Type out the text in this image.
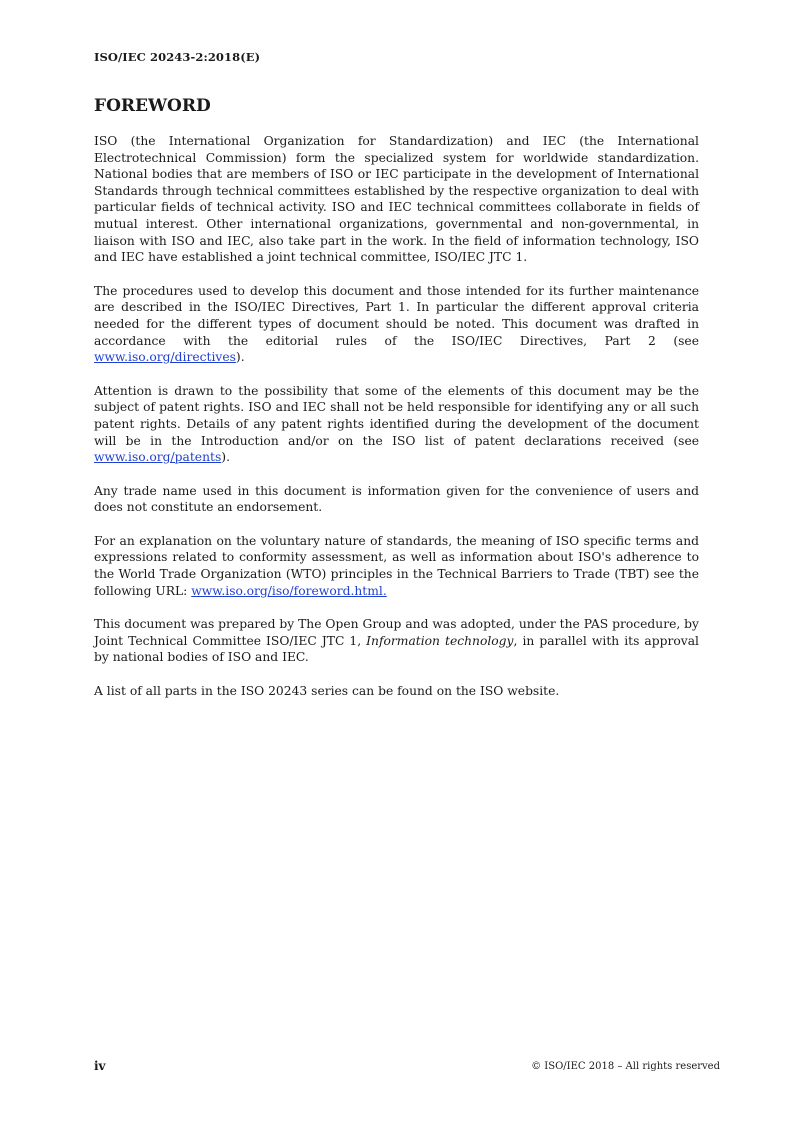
ISO/IEC 20243-2:2018(E)
FOREWORD

ISO (the International Organization for Standardization) and IEC (the International Electrotechnical Commission) form the specialized system for worldwide standardization. National bodies that are members of ISO or IEC participate in the development of International Standards through technical committees established by the respective organization to deal with particular fields of technical activity. ISO and IEC technical committees collaborate in fields of mutual interest. Other international organizations, governmental and non-governmental, in liaison with ISO and IEC, also take part in the work. In the field of information technology, ISO and IEC have established a joint technical committee, ISO/IEC JTC 1.

The procedures used to develop this document and those intended for its further maintenance are described in the ISO/IEC Directives, Part 1. In particular the different approval criteria needed for the different types of document should be noted. This document was drafted in accordance with the editorial rules of the ISO/IEC Directives, Part 2 (see www.iso.org/directives).

Attention is drawn to the possibility that some of the elements of this document may be the subject of patent rights. ISO and IEC shall not be held responsible for identifying any or all such patent rights. Details of any patent rights identified during the development of the document will be in the Introduction and/or on the ISO list of patent declarations received (see www.iso.org/patents).

Any trade name used in this document is information given for the convenience of users and does not constitute an endorsement.

For an explanation on the voluntary nature of standards, the meaning of ISO specific terms and expressions related to conformity assessment, as well as information about ISO's adherence to the World Trade Organization (WTO) principles in the Technical Barriers to Trade (TBT) see the following URL: www.iso.org/iso/foreword.html.

This document was prepared by The Open Group and was adopted, under the PAS procedure, by Joint Technical Committee ISO/IEC JTC 1, Information technology, in parallel with its approval by national bodies of ISO and IEC.

A list of all parts in the ISO 20243 series can be found on the ISO website.

iv	© ISO/IEC 2018 – All rights reserved
